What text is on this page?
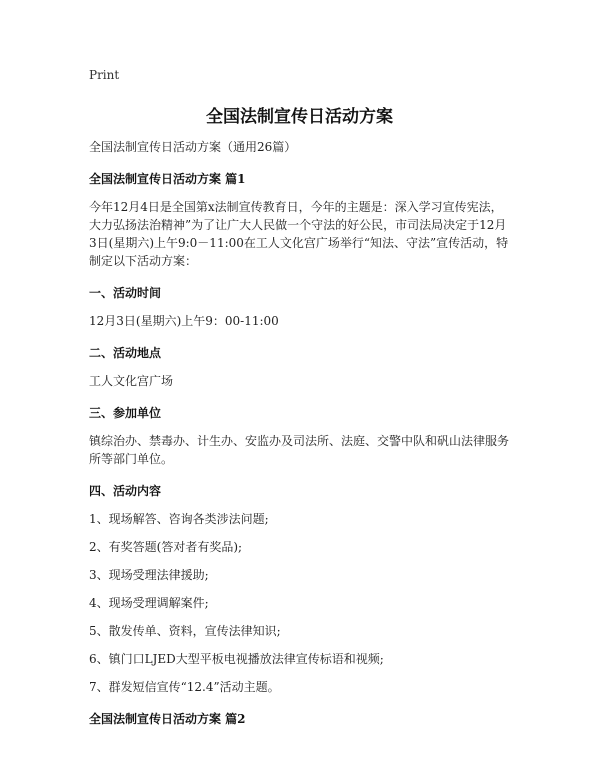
Print
全国法制宣传日活动方案
全国法制宣传日活动方案（通用26篇）
全国法制宣传日活动方案 篇1
今年12月4日是全国第x法制宣传教育日，今年的主题是：深入学习宣传宪法，大力弘扬法治精神”为了让广大人民做一个守法的好公民，市司法局决定于12月3日(星期六)上午9:0－11:00在工人文化宫广场举行“知法、守法”宣传活动，特制定以下活动方案：
一、活动时间
12月3日(星期六)上午9：00-11:00
二、活动地点
工人文化宫广场
三、参加单位
镇综治办、禁毒办、计生办、安监办及司法所、法庭、交警中队和矾山法律服务所等部门单位。
四、活动内容
1、现场解答、咨询各类涉法问题;
2、有奖答题(答对者有奖品);
3、现场受理法律援助;
4、现场受理调解案件;
5、散发传单、资料，宣传法律知识;
6、镇门口LJED大型平板电视播放法律宣传标语和视频;
7、群发短信宣传“12.4”活动主题。
全国法制宣传日活动方案 篇2
